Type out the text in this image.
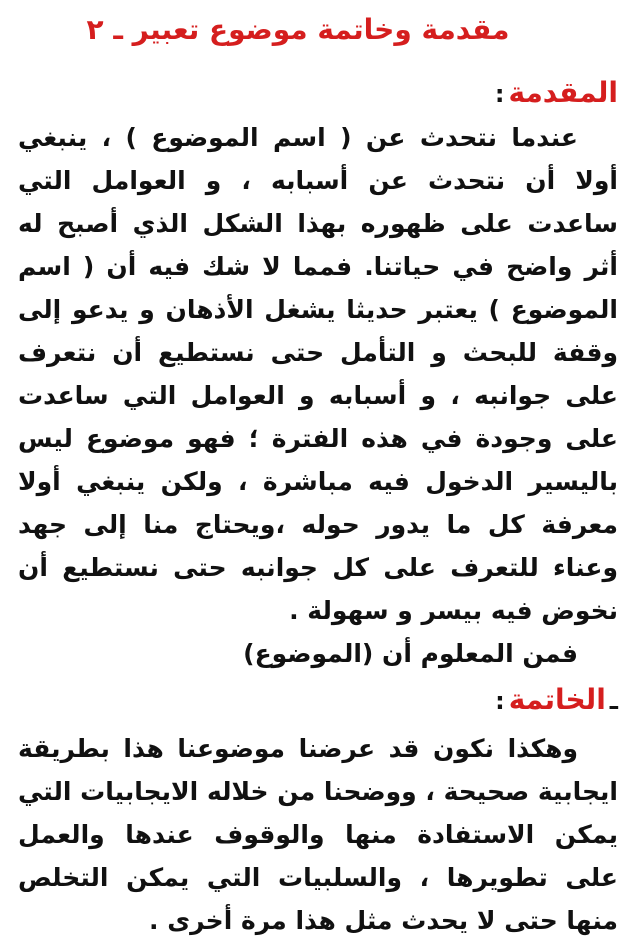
مقدمة وخاتمة موضوع تعبير ـ ٢
المقدمة
:

عندما نتحدث عن ( اسم الموضوع ) ، ينبغي أولا أن نتحدث عن أسبابه ، و العوامل التي ساعدت على ظهوره بهذا الشكل الذي أصبح له أثر واضح في حياتنا. فمما لا شك فيه أن ( اسم الموضوع ) يعتبر حديثا يشغل الأذهان و يدعو إلى وقفة للبحث و التأمل حتى نستطيع أن نتعرف على جوانبه ، و أسبابه و العوامل التي ساعدت على وجودة في هذه الفترة ؛ فهو موضوع ليس باليسير الدخول فيه مباشرة ، ولكن ينبغي أولا معرفة كل ما يدور حوله ،ويحتاج منا إلى جهد وعناء للتعرف على كل جوانبه حتى نستطيع أن نخوض فيه بيسر و سهولة .

فمن المعلوم أن (الموضوع)

ـ
الخاتمة
:

وهكذا نكون قد عرضنا موضوعنا هذا بطريقة ايجابية صحيحة ، ووضحنا من خلاله الايجابيات التي يمكن الاستفادة منها والوقوف عندها والعمل على تطويرها ، والسلبيات التي يمكن التخلص منها حتى لا يحدث مثل هذا مرة أخرى .
